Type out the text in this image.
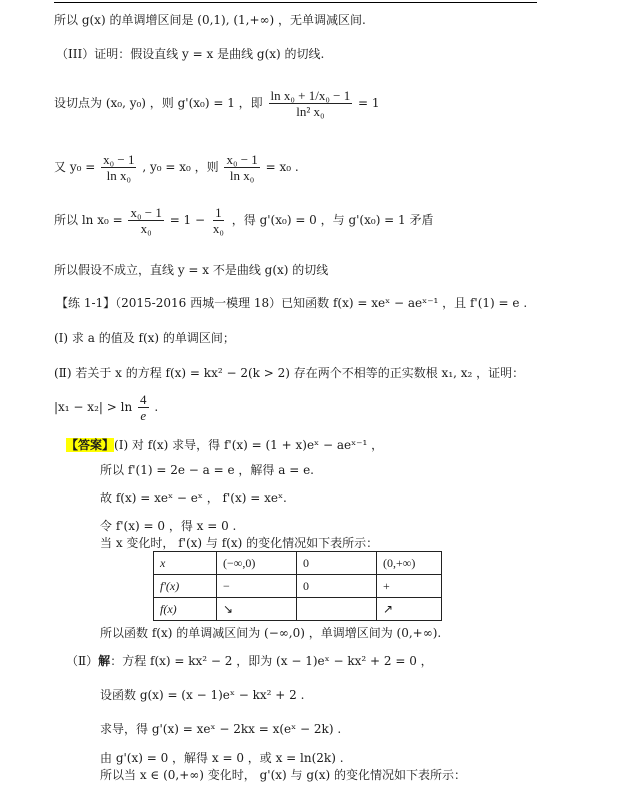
所以 g(x) 的单调增区间是 (0,1), (1,+∞) ，无单调减区间.
（III）证明：假设直线 y = x 是曲线 g(x) 的切线.
设切点为 (x₀, y₀) ，则 g'(x₀) = 1 ，即 $\frac{\text{ln x₀ + 1/x₀ − 1}}{\text{ln² x₀}} = 1$
又 $y_0 = \frac{\text{x₀ − 1}}{\text{ln x₀}}$ , y₀ = x₀ ，则 $\frac{\text{x₀ − 1}}{\text{ln x₀}} = x_0$ .
所以 $\ln x_0 = \frac{\text{x₀ − 1}}{\text{x₀}} = 1 - \frac{1}{\text{x₀}}$ ，得 g'(x₀) = 0 ，与 g'(x₀) = 1 矛盾
所以假设不成立，直线 y = x 不是曲线 g(x) 的切线
【练 1-1】（2015-2016 西城一模理 18）已知函数 f(x) = xeˣ − aeˣ⁻¹ ，且 f'(1) = e .
(Ⅰ) 求 a 的值及 f(x) 的单调区间；
(Ⅱ) 若关于 x 的方程 f(x) = kx² − 2(k > 2) 存在两个不相等的正实数根 x₁, x₂ ，证明：
$|x_1 - x_2| > \ln \frac{4}{e}$ .
【答案】(Ⅰ) 对 f(x) 求导，得 f'(x) = (1 + x)eˣ − aeˣ⁻¹ ，
所以 f'(1) = 2e − a = e ，解得 a = e.
故 f(x) = xeˣ − eˣ ， f'(x) = xeˣ.
令 f'(x) = 0 ，得 x = 0 .
当 x 变化时， f'(x) 与 f(x) 的变化情况如下表所示：
x	(−∞,0)	0	(0,+∞)
f'(x)	−	0	+
f(x)	↘		↗
所以函数 f(x) 的单调减区间为 (−∞,0) ，单调增区间为 (0,+∞).
（Ⅱ）解：方程 f(x) = kx² − 2 ，即为 (x − 1)eˣ − kx² + 2 = 0 ，
设函数 g(x) = (x − 1)eˣ − kx² + 2 .
求导，得 g'(x) = xeˣ − 2kx = x(eˣ − 2k) .
由 g'(x) = 0 ，解得 x = 0 ，或 x = ln(2k) .
所以当 x ∈ (0,+∞) 变化时， g'(x) 与 g(x) 的变化情况如下表所示：
